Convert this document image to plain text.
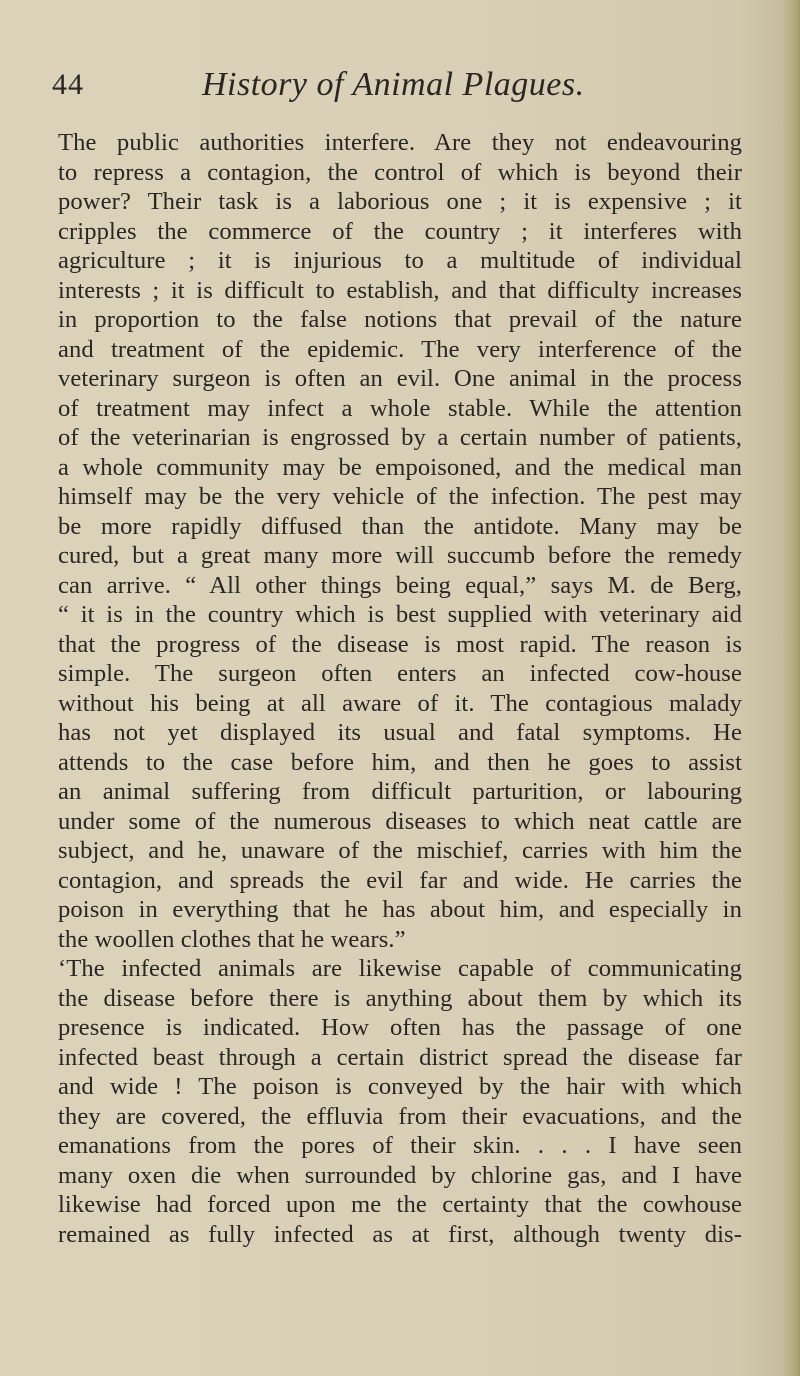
44	History of Animal Plagues.
The public authorities interfere. Are they not endeavouring
to repress a contagion, the control of which is beyond their
power? Their task is a laborious one ; it is expensive ; it
cripples the commerce of the country ; it interferes with
agriculture ; it is injurious to a multitude of individual
interests ; it is difficult to establish, and that difficulty increases
in proportion to the false notions that prevail of the nature
and treatment of the epidemic. The very interference of the
veterinary surgeon is often an evil. One animal in the process
of treatment may infect a whole stable. While the attention
of the veterinarian is engrossed by a certain number of patients,
a whole community may be empoisoned, and the medical man
himself may be the very vehicle of the infection. The pest may
be more rapidly diffused than the antidote. Many may be
cured, but a great many more will succumb before the remedy
can arrive. “ All other things being equal,” says M. de Berg,
“ it is in the country which is best supplied with veterinary aid
that the progress of the disease is most rapid. The reason is
simple. The surgeon often enters an infected cow-house
without his being at all aware of it. The contagious malady
has not yet displayed its usual and fatal symptoms. He
attends to the case before him, and then he goes to assist
an animal suffering from difficult parturition, or labouring
under some of the numerous diseases to which neat cattle are
subject, and he, unaware of the mischief, carries with him the
contagion, and spreads the evil far and wide. He carries the
poison in everything that he has about him, and especially in
the woollen clothes that he wears.”
‘The infected animals are likewise capable of communicating
the disease before there is anything about them by which its
presence is indicated. How often has the passage of one
infected beast through a certain district spread the disease far
and wide ! The poison is conveyed by the hair with which
they are covered, the effluvia from their evacuations, and the
emanations from the pores of their skin. . . . I have seen
many oxen die when surrounded by chlorine gas, and I have
likewise had forced upon me the certainty that the cowhouse
remained as fully infected as at first, although twenty dis-
